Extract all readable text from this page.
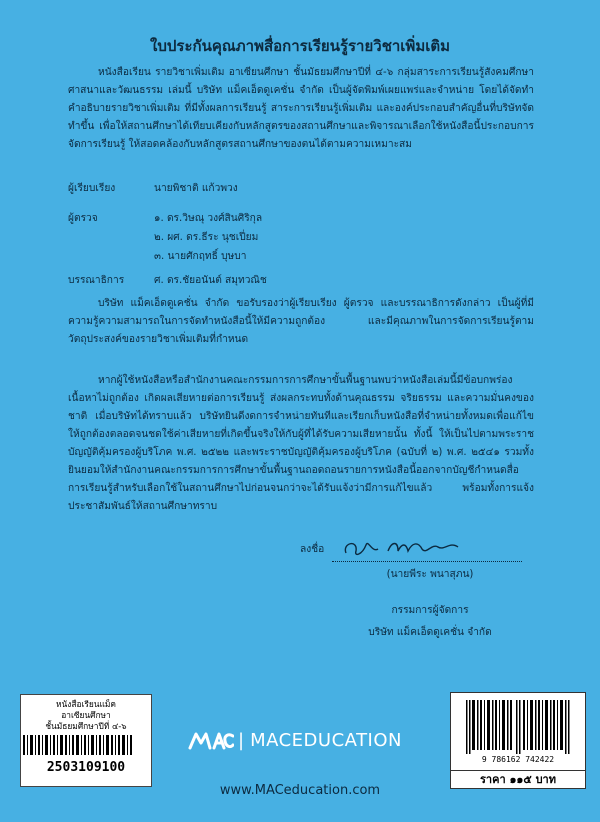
ใบประกันคุณภาพสื่อการเรียนรู้รายวิชาเพิ่มเติม

หนังสือเรียน รายวิชาเพิ่มเติม อาเซียนศึกษา ชั้นมัธยมศึกษาปีที่ ๔-๖ กลุ่มสาระการเรียนรู้สังคมศึกษา ศาสนาและวัฒนธรรม เล่มนี้ บริษัท แม็คเอ็ดดูเคชั่น จำกัด เป็นผู้จัดพิมพ์เผยแพร่และจำหน่าย โดยได้จัดทำคำอธิบายรายวิชาเพิ่มเติม ที่มีทั้งผลการเรียนรู้ สาระการเรียนรู้เพิ่มเติม และองค์ประกอบสำคัญอื่นที่บริษัทจัดทำขึ้น เพื่อให้สถานศึกษาได้เทียบเคียงกับหลักสูตรของสถานศึกษาและพิจารณาเลือกใช้หนังสือนี้ประกอบการจัดการเรียนรู้ ให้สอดคล้องกับหลักสูตรสถานศึกษาของตนได้ตามความเหมาะสม

ผู้เรียบเรียง	นายพิชาติ แก้วพวง
ผู้ตรวจ	๑. ดร.วิษณุ วงศ์สินศิริกุล
๒. ผศ. ดร.ธีระ นุชเปี่ยม
๓. นายศักฤทธิ์ บุษบา
บรรณาธิการ	ศ. ดร.ชัยอนันต์ สมุทวณิช

บริษัท แม็คเอ็ดดูเคชั่น จำกัด ขอรับรองว่าผู้เรียบเรียง ผู้ตรวจ และบรรณาธิการดังกล่าว เป็นผู้ที่มีความรู้ความสามารถในการจัดทำหนังสือนี้ให้มีความถูกต้อง และมีคุณภาพในการจัดการเรียนรู้ตามวัตถุประสงค์ของรายวิชาเพิ่มเติมที่กำหนด

หากผู้ใช้หนังสือหรือสำนักงานคณะกรรมการการศึกษาขั้นพื้นฐานพบว่าหนังสือเล่มนี้มีข้อบกพร่อง เนื้อหาไม่ถูกต้อง เกิดผลเสียหายต่อการเรียนรู้ ส่งผลกระทบทั้งด้านคุณธรรม จริยธรรม และความมั่นคงของชาติ เมื่อบริษัทได้ทราบแล้ว บริษัทยินดีงดการจำหน่ายทันทีและเรียกเก็บหนังสือที่จำหน่ายทั้งหมดเพื่อแก้ไขให้ถูกต้องตลอดจนชดใช้ค่าเสียหายที่เกิดขึ้นจริงให้กับผู้ที่ได้รับความเสียหายนั้น ทั้งนี้ ให้เป็นไปตามพระราชบัญญัติคุ้มครองผู้บริโภค พ.ศ. ๒๕๒๒ และพระราชบัญญัติคุ้มครองผู้บริโภค (ฉบับที่ ๒) พ.ศ. ๒๕๔๑ รวมทั้งยินยอมให้สำนักงานคณะกรรมการการศึกษาขั้นพื้นฐานถอดถอนรายการหนังสือนี้ออกจากบัญชีกำหนดสื่อการเรียนรู้สำหรับเลือกใช้ในสถานศึกษาไปก่อนจนกว่าจะได้รับแจ้งว่ามีการแก้ไขแล้ว พร้อมทั้งการแจ้งประชาสัมพันธ์ให้สถานศึกษาทราบ

ลงชื่อ
(นายพีระ พนาสุภน)
กรรมการผู้จัดการ
บริษัท แม็คเอ็ดดูเคชั่น จำกัด
หนังสือเรียนแม็ค
อาเซียนศึกษา
ชั้นมัธยมศึกษาปีที่ ๔-๖
2503109100
| MACEDUCATION
www.MACeducation.com
9 786162 742422
ราคา ๑๑๕ บาท
